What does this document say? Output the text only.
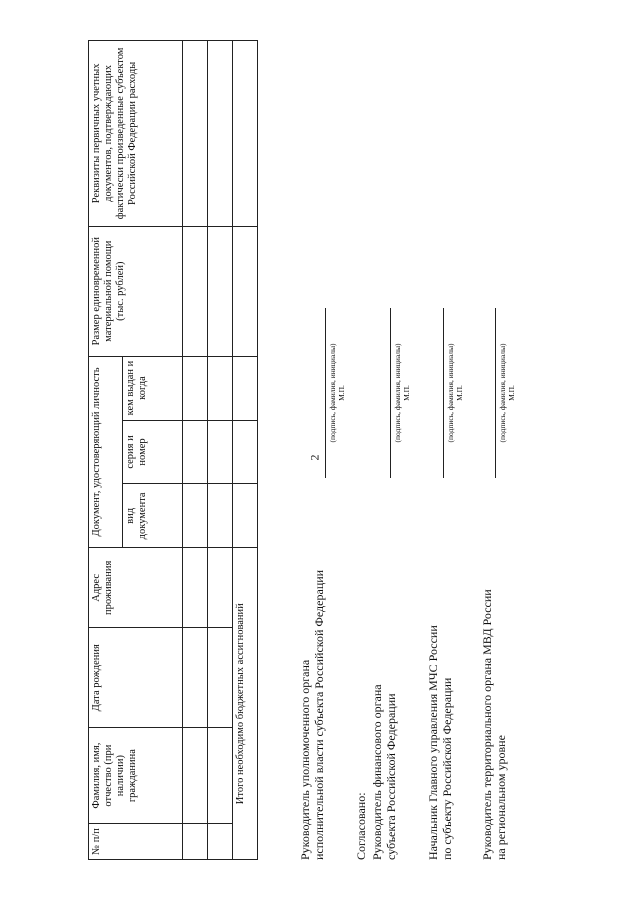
2
№ п/п	Фамилия, имя, отчество (при наличии) гражданина	Дата рождения	Адрес проживания	Документ, удостоверяющий личность			Размер единовременной материальной помощи (тыс. рублей)	Реквизиты первичных учетных документов, подтверждающих фактически произведенные субъектом Российской Федерации расходы
				вид документа	серия и номер	кем выдан и когда		

Итого необходимо бюджетных ассигнований									Руководитель уполномоченного органа исполнительной власти субъекта Российской Федерации
(подпись, фамилия, инициалы) М.П.
Согласовано: Руководитель финансового органа субъекта Российской Федерации
(подпись, фамилия, инициалы) М.П.
Начальник Главного управления МЧС России по субъекту Российской Федерации
(подпись, фамилия, инициалы) М.П.
Руководитель территориального органа МВД России на региональном уровне
(подпись, фамилия, инициалы) М.П.
